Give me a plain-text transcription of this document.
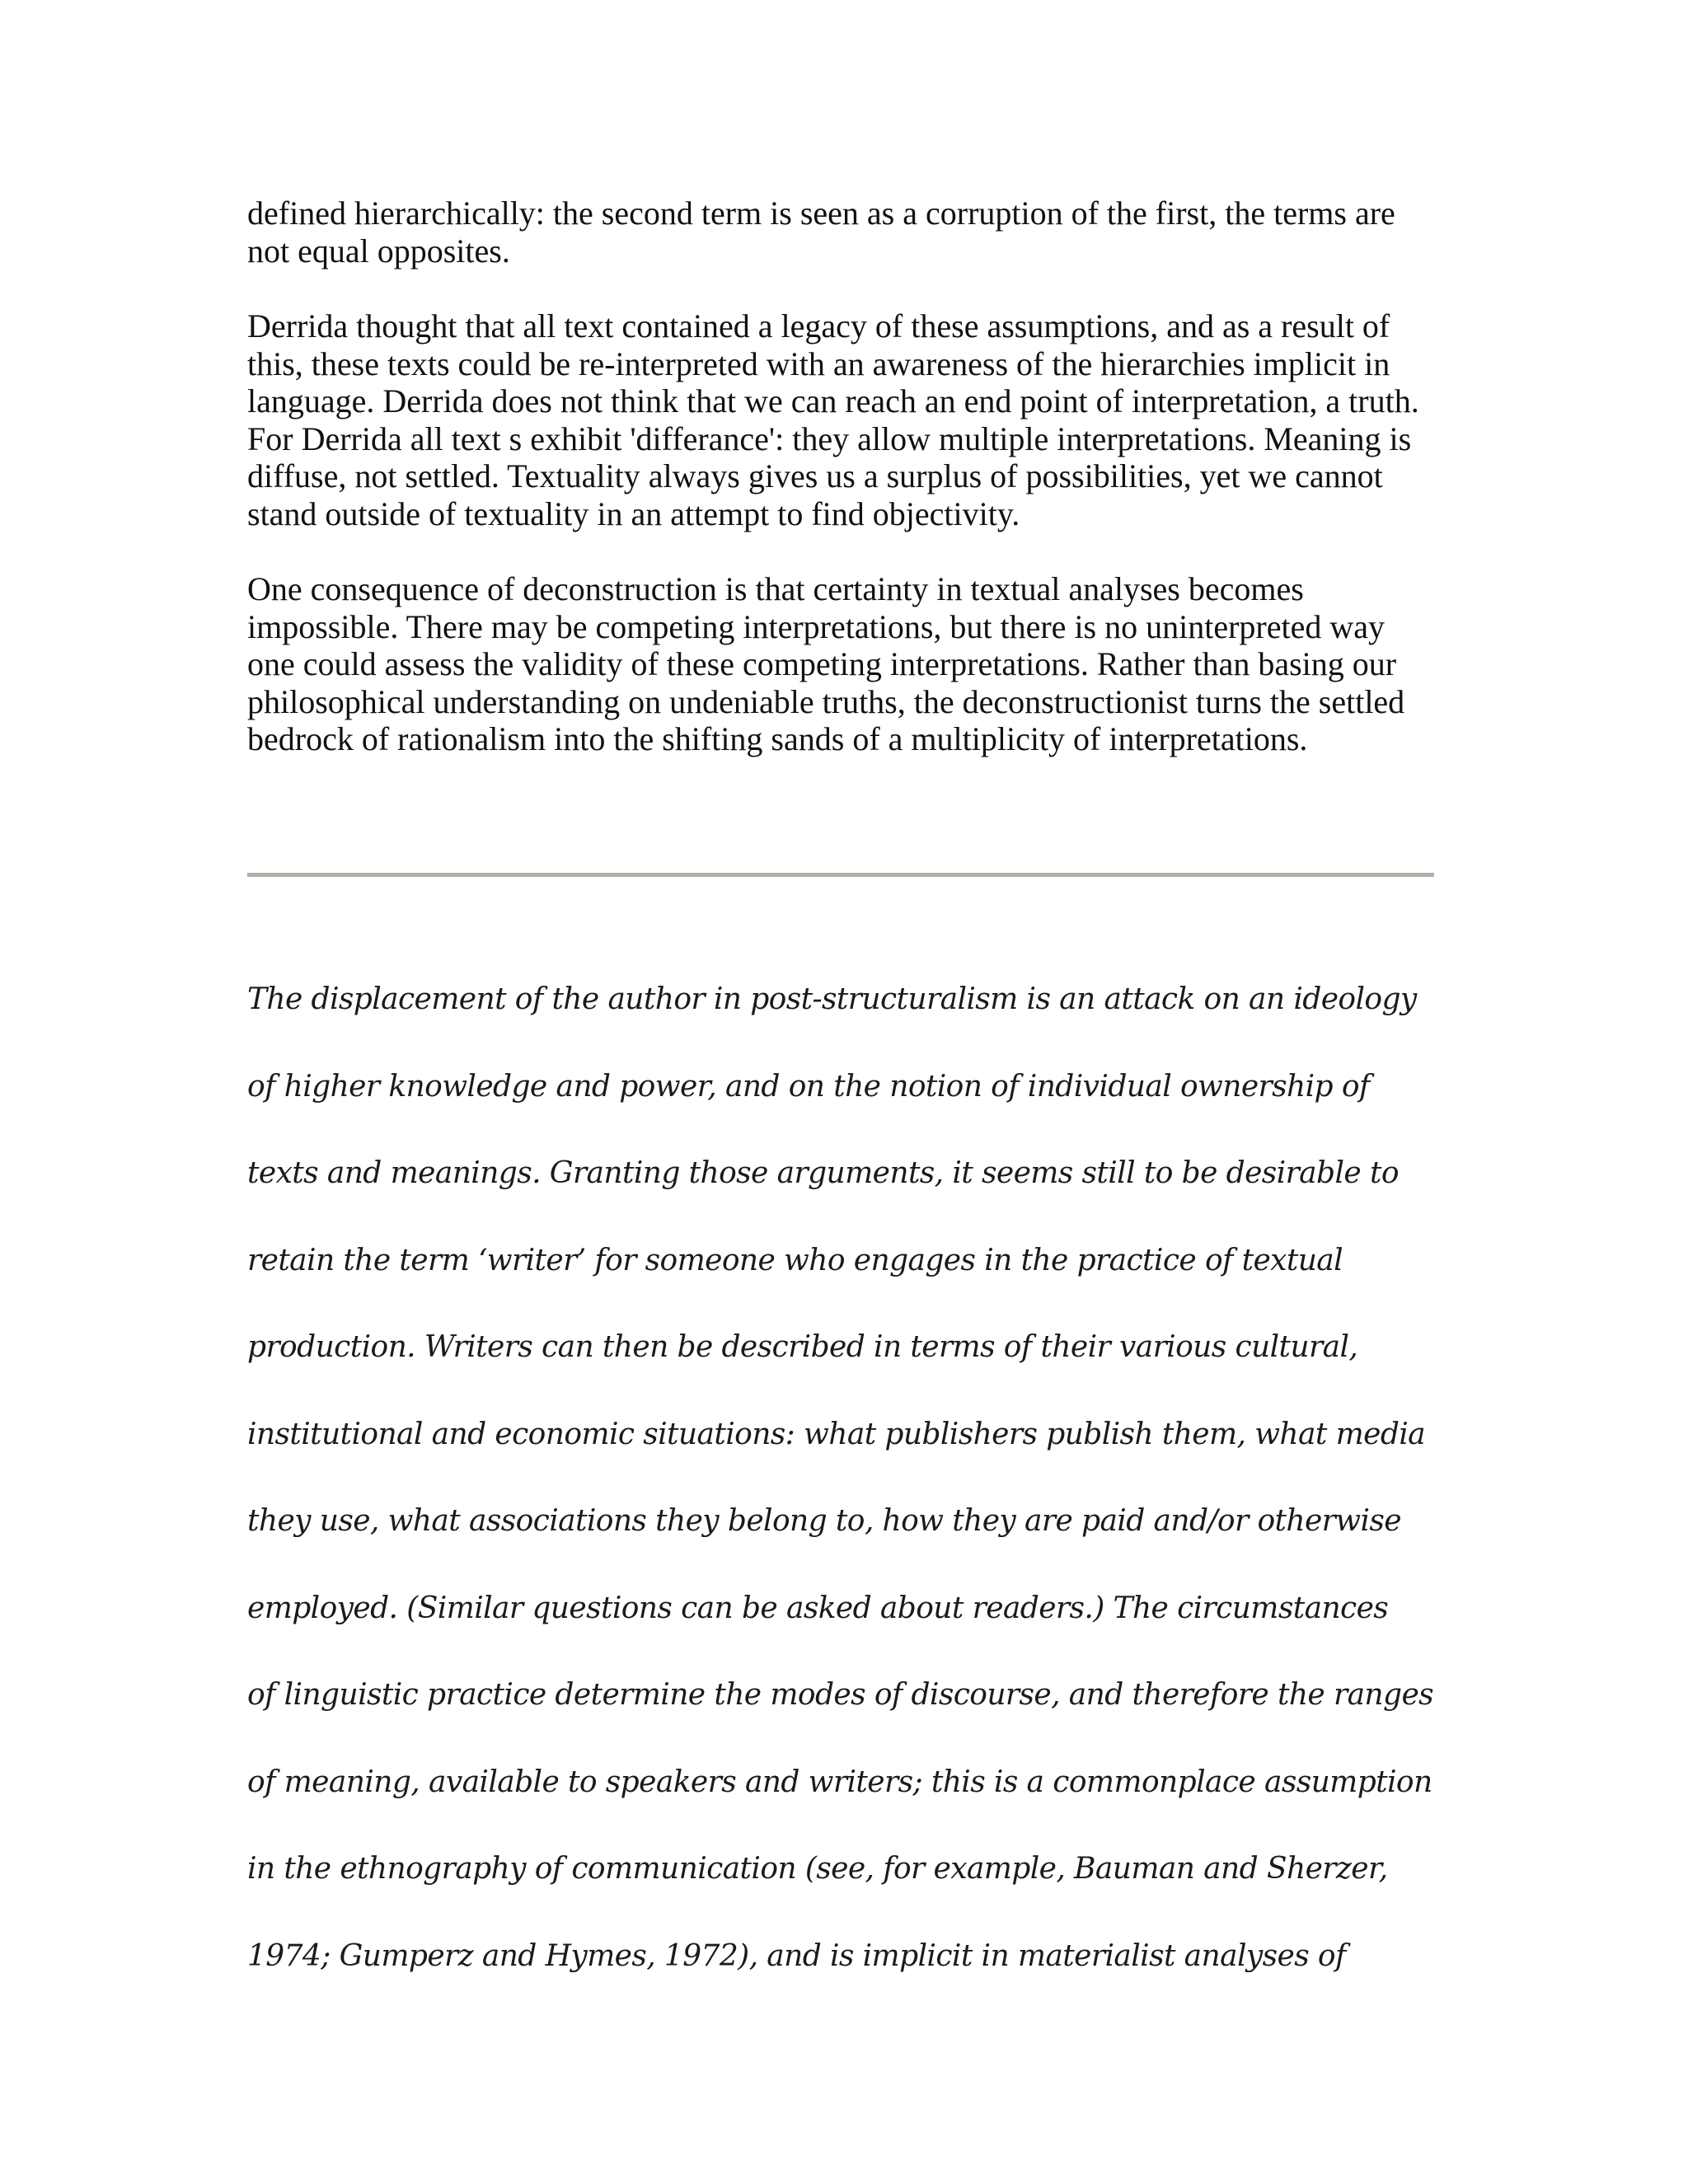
defined hierarchically: the second term is seen as a corruption of the first, the terms are not equal opposites.

Derrida thought that all text contained a legacy of these assumptions, and as a result of this, these texts could be re-interpreted with an awareness of the hierarchies implicit in language. Derrida does not think that we can reach an end point of interpretation, a truth. For Derrida all text s exhibit 'differance': they allow multiple interpretations. Meaning is diffuse, not settled. Textuality always gives us a surplus of possibilities, yet we cannot stand outside of textuality in an attempt to find objectivity.

One consequence of deconstruction is that certainty in textual analyses becomes impossible. There may be competing interpretations, but there is no uninterpreted way one could assess the validity of these competing interpretations. Rather than basing our philosophical understanding on undeniable truths, the deconstructionist turns the settled bedrock of rationalism into the shifting sands of a multiplicity of interpretations.

The displacement of the author in post-structuralism is an attack on an ideology
of higher knowledge and power, and on the notion of individual ownership of
texts and meanings. Granting those arguments, it seems still to be desirable to
retain the term ‘writer’ for someone who engages in the practice of textual
production. Writers can then be described in terms of their various cultural,
institutional and economic situations: what publishers publish them, what media
they use, what associations they belong to, how they are paid and/or otherwise
employed. (Similar questions can be asked about readers.) The circumstances
of linguistic practice determine the modes of discourse, and therefore the ranges
of meaning, available to speakers and writers; this is a commonplace assumption
in the ethnography of communication (see, for example, Bauman and Sherzer,
1974; Gumperz and Hymes, 1972), and is implicit in materialist analyses of
